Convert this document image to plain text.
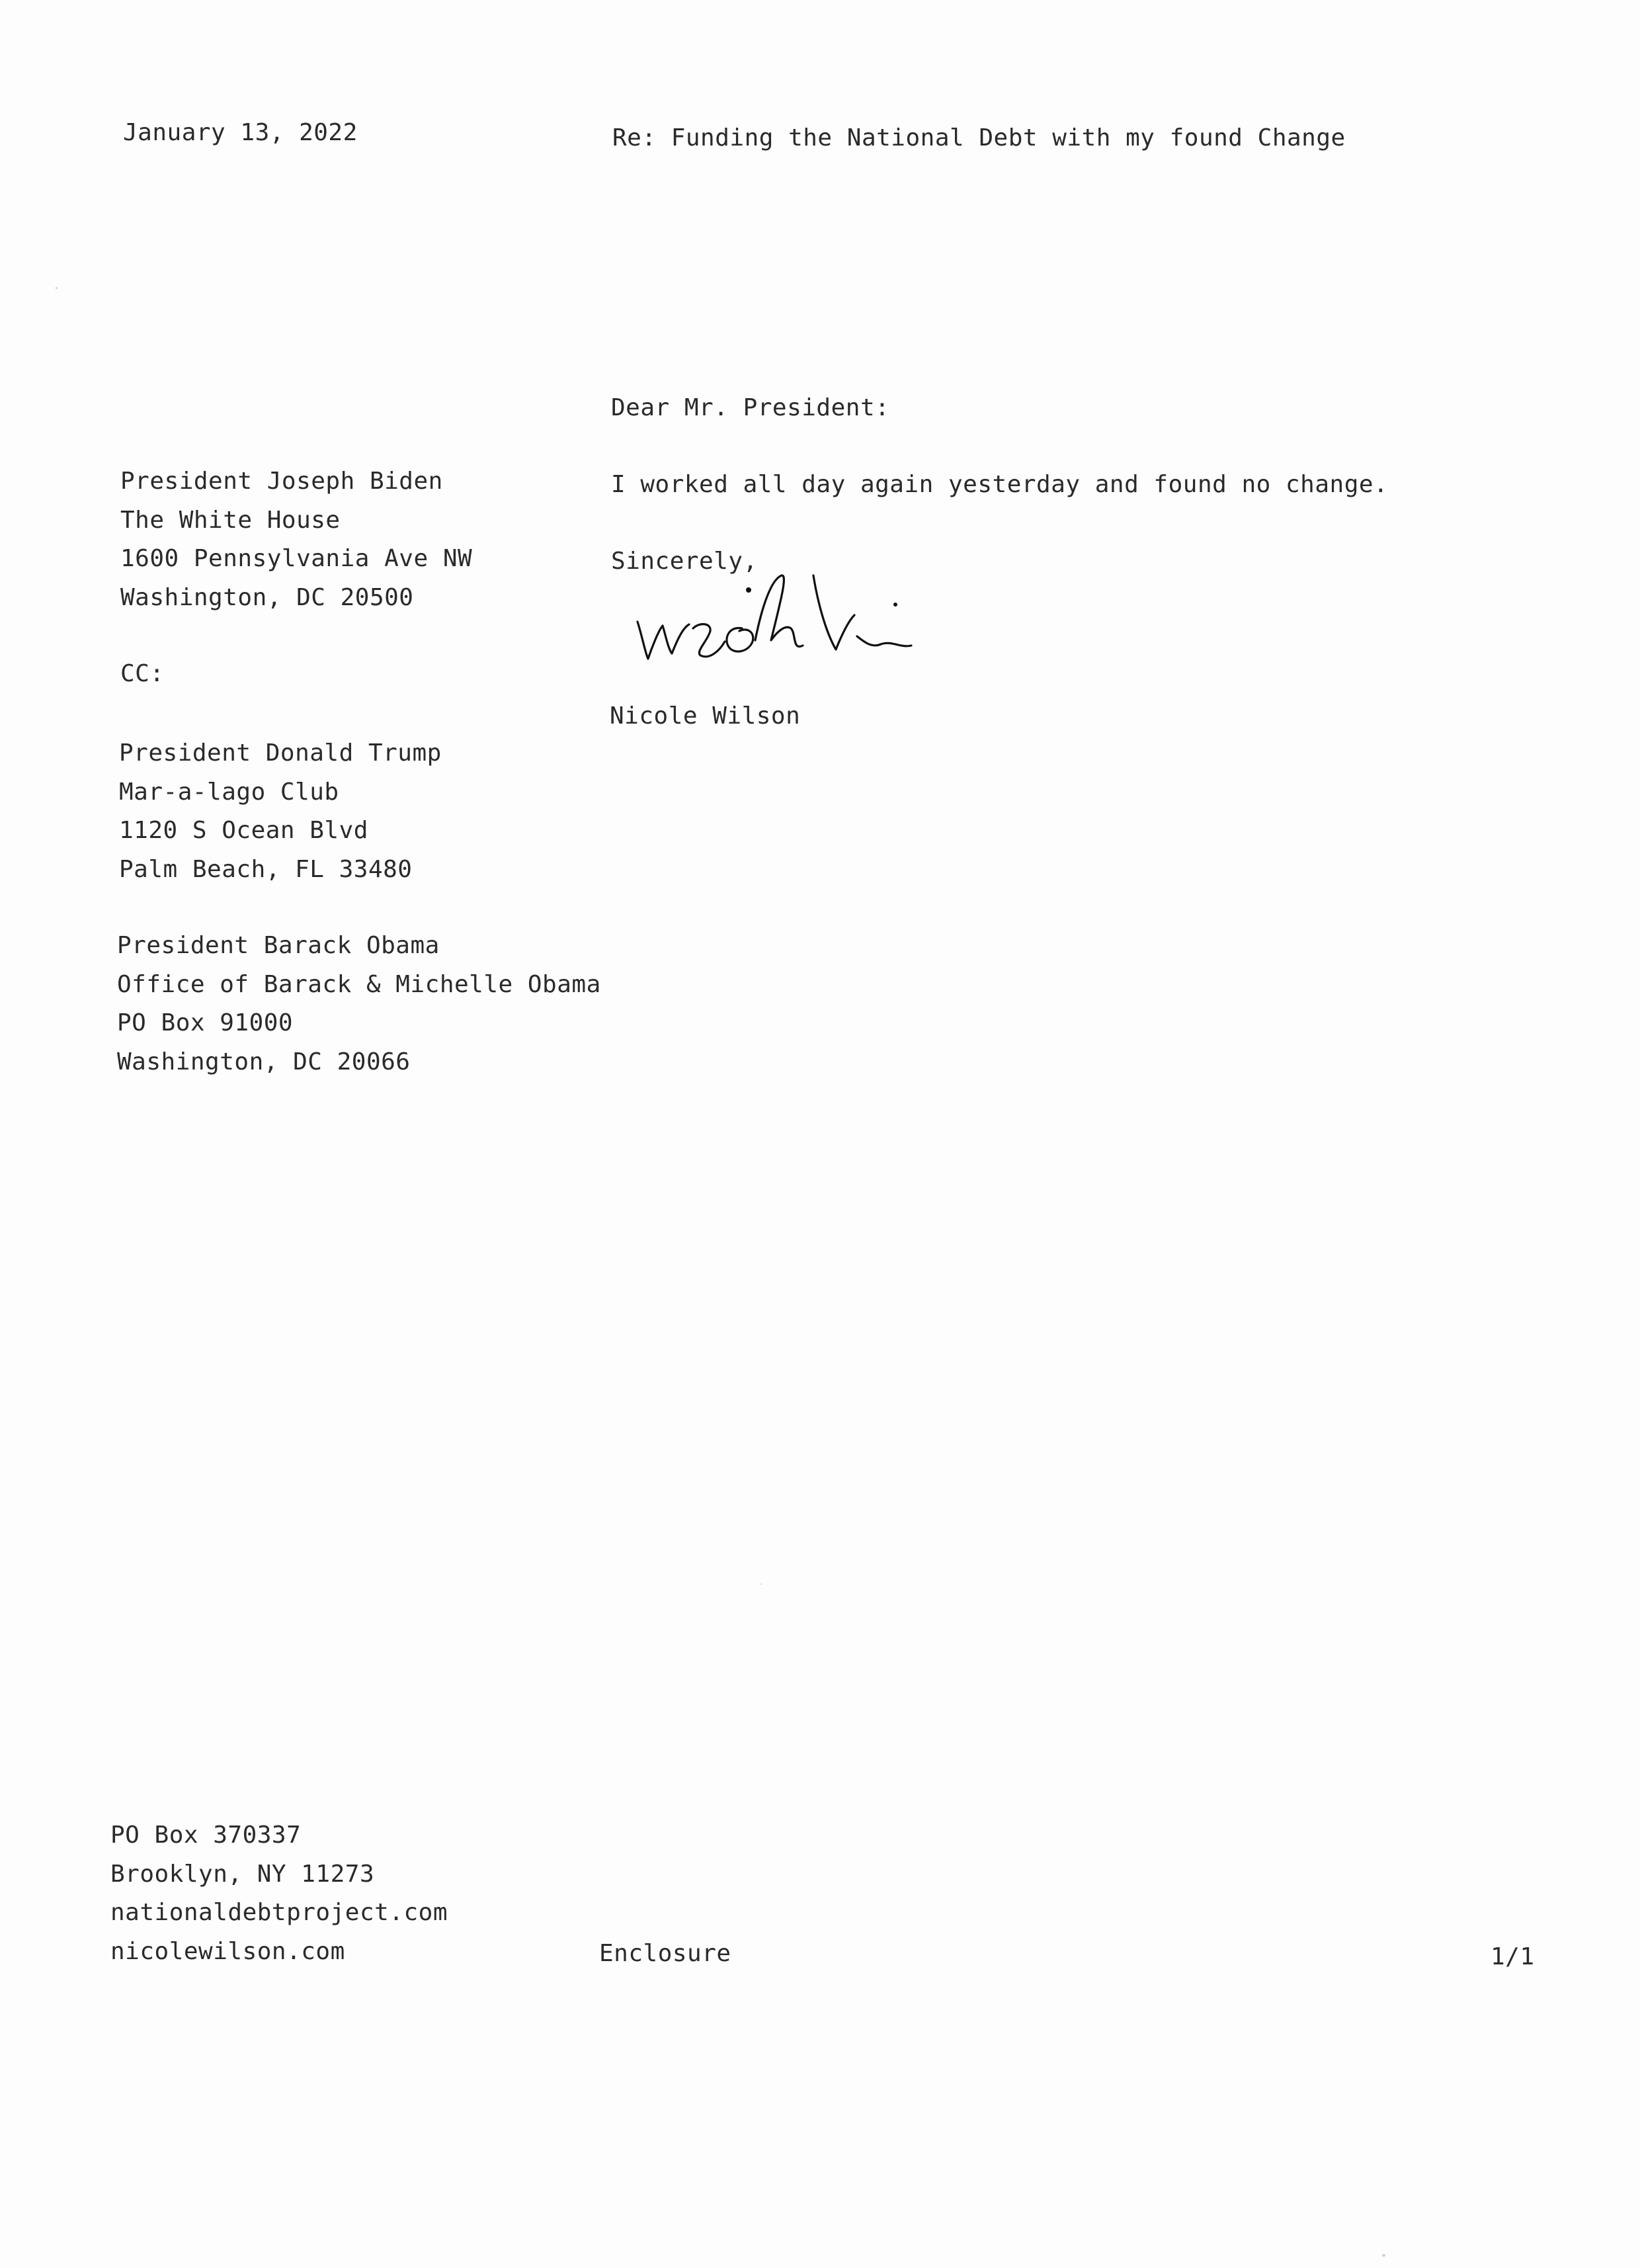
January 13, 2022	Re: Funding the National Debt with my found Change
Dear Mr. President:
I worked all day again yesterday and found no change.
Sincerely,
Nicole Wilson
President Joseph Biden
The White House
1600 Pennsylvania Ave NW
Washington, DC 20500
CC:
President Donald Trump
Mar-a-lago Club
1120 S Ocean Blvd
Palm Beach, FL 33480
President Barack Obama
Office of Barack & Michelle Obama
PO Box 91000
Washington, DC 20066
PO Box 370337
Brooklyn, NY 11273
nationaldebtproject.com
nicolewilson.com	Enclosure	1/1
